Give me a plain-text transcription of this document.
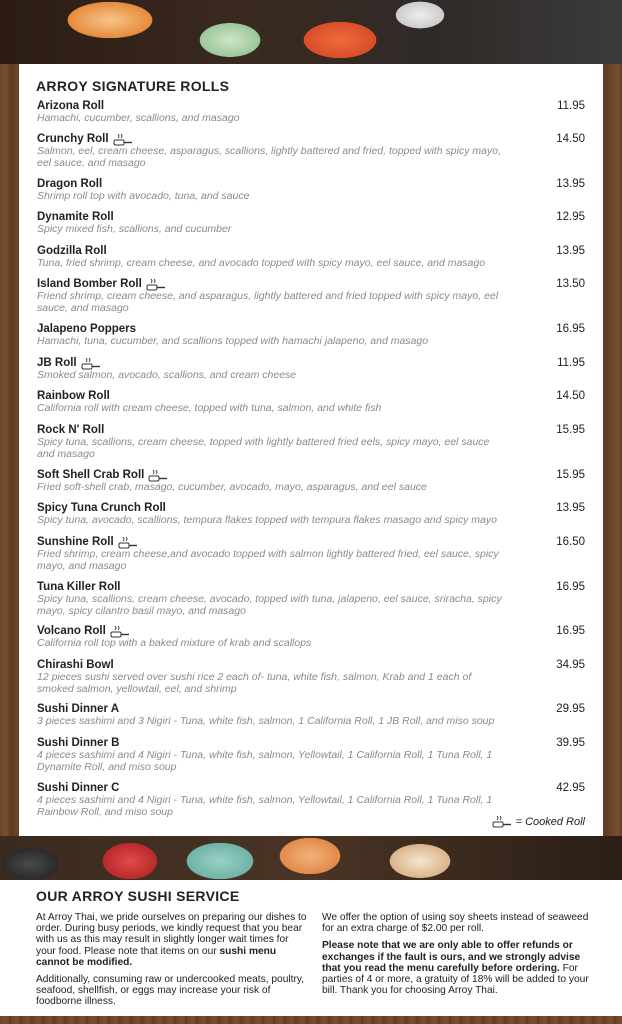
ARROY SIGNATURE ROLLS
Arizona Roll
Hamachi, cucumber, scallions, and masago
11.95
Crunchy Roll
Salmon, eel, cream cheese, asparagus, scallions, lightly battered and fried, topped with spicy mayo, eel sauce, and masago
14.50
Dragon Roll
Shrimp roll top with avocado, tuna, and sauce
13.95
Dynamite Roll
Spicy mixed fish, scallions, and cucumber
12.95
Godzilla Roll
Tuna, fried shrimp, cream cheese, and avocado topped with spicy mayo, eel sauce, and masago
13.95
Island Bomber Roll
Friend shrimp, cream cheese, and asparagus, lightly battered and fried topped with spicy mayo, eel sauce, and masago
13.50
Jalapeno Poppers
Hamachi, tuna, cucumber, and scallions topped with hamachi jalapeno, and masago
16.95
JB Roll
Smoked salmon, avocado, scallions, and cream cheese
11.95
Rainbow Roll
California roll with cream cheese, topped with tuna, salmon, and white fish
14.50
Rock N' Roll
Spicy tuna, scallions, cream cheese, topped with lightly battered fried eels, spicy mayo, eel sauce and masago
15.95
Soft Shell Crab Roll
Fried soft-shell crab, masago, cucumber, avocado, mayo, asparagus, and eel sauce
15.95
Spicy Tuna Crunch Roll
Spicy tuna, avocado, scallions, tempura flakes topped with tempura flakes masago and spicy mayo
13.95
Sunshine Roll
Fried shrimp, cream cheese,and avocado topped with salmon lightly battered fried, eel sauce, spicy mayo, and masago
16.50
Tuna Killer Roll
Spicy tuna, scallions, cream cheese, avocado, topped with tuna, jalapeno, eel sauce, sriracha, spicy mayo, spicy cilantro basil mayo, and masago
16.95
Volcano Roll
California roll top with a baked mixture of krab and scallops
16.95
Chirashi Bowl
12 pieces sushi served over sushi rice 2 each of- tuna, white fish, salmon, Krab and 1 each of smoked salmon, yellowtail, eel, and shrimp
34.95
Sushi Dinner A
3 pieces sashimi and 3 Nigiri - Tuna, white fish, salmon, 1 California Roll, 1 JB Roll, and miso soup
29.95
Sushi Dinner B
4 pieces sashimi and 4 Nigiri - Tuna, white fish, salmon, Yellowtail, 1 California Roll, 1 Tuna Roll, 1 Dynamite Roll, and miso soup
39.95
Sushi Dinner C
4 pieces sashimi and 4 Nigiri - Tuna, white fish, salmon, Yellowtail, 1 California Roll, 1 Tuna Roll, 1 Rainbow Roll, and miso soup
42.95
= Cooked Roll
OUR ARROY SUSHI SERVICE

At Arroy Thai, we pride ourselves on preparing our dishes to order. During busy periods, we kindly request that you bear with us as this may result in slightly longer wait times for your food. Please note that items on our sushi menu cannot be modified.

Additionally, consuming raw or undercooked meats, poultry, seafood, shellfish, or eggs may increase your risk of foodborne illness.

We offer the option of using soy sheets instead of seaweed for an extra charge of $2.00 per roll.

Please note that we are only able to offer refunds or exchanges if the fault is ours, and we strongly advise that you read the menu carefully before ordering. For parties of 4 or more, a gratuity of 18% will be added to your bill. Thank you for choosing Arroy Thai.
